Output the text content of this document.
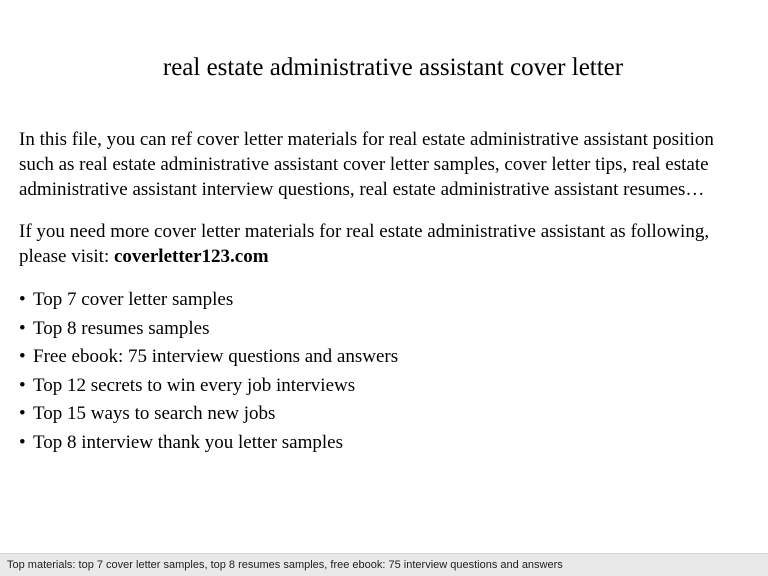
real estate administrative assistant cover letter

In this file, you can ref cover letter materials for real estate administrative assistant position such as real estate administrative assistant cover letter samples, cover letter tips, real estate administrative assistant interview questions, real estate administrative assistant resumes…

If you need more cover letter materials for real estate administrative assistant as following, please visit: coverletter123.com

• Top 7 cover letter samples
• Top 8 resumes samples
• Free ebook: 75 interview questions and answers
• Top 12 secrets to win every job interviews
• Top 15 ways to search new jobs
• Top 8 interview thank you letter samples
Top materials: top 7 cover letter samples, top 8 resumes samples, free ebook: 75 interview questions and answers
